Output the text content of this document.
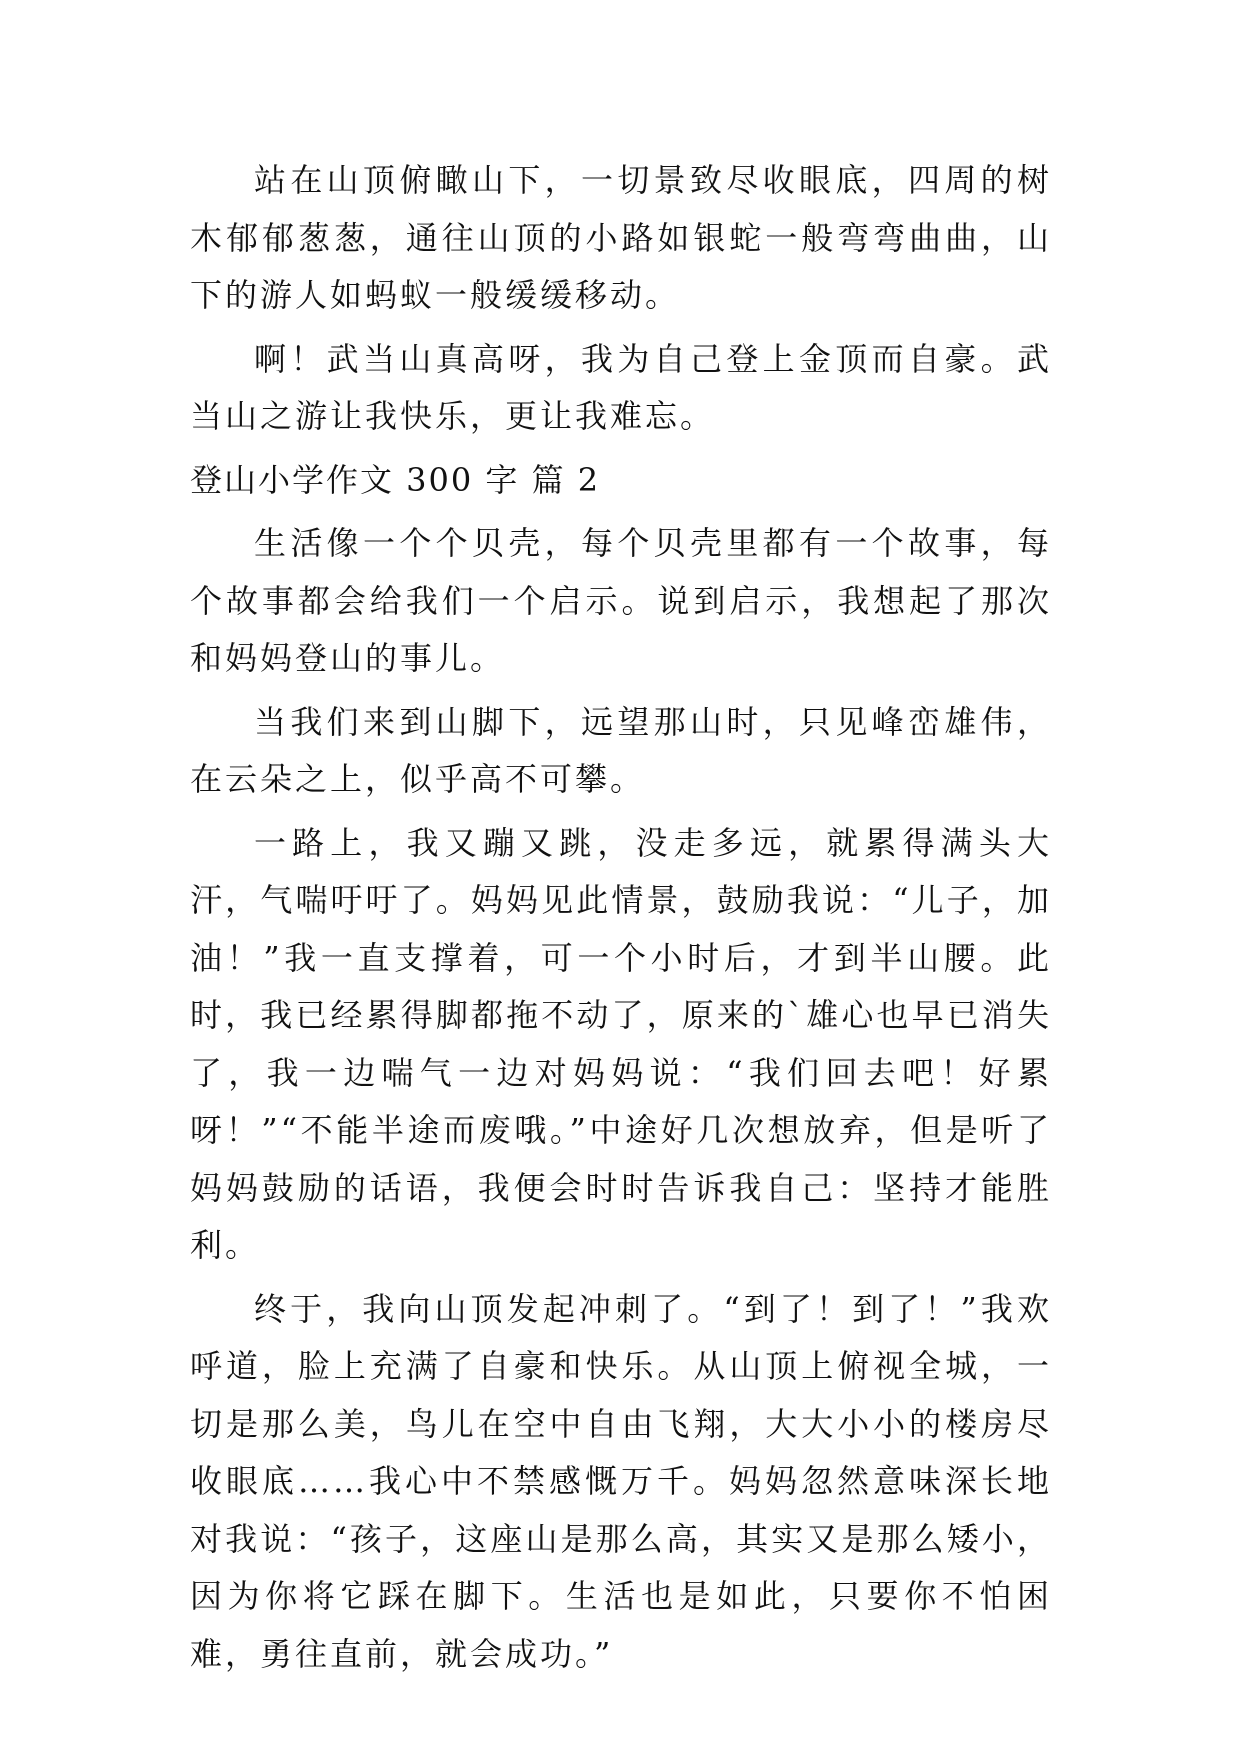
站在山顶俯瞰山下，一切景致尽收眼底，四周的树木郁郁葱葱，通往山顶的小路如银蛇一般弯弯曲曲，山下的游人如蚂蚁一般缓缓移动。

啊！武当山真高呀，我为自己登上金顶而自豪。武当山之游让我快乐，更让我难忘。

登山小学作文 300 字 篇 2

生活像一个个贝壳，每个贝壳里都有一个故事，每个故事都会给我们一个启示。说到启示，我想起了那次和妈妈登山的事儿。

当我们来到山脚下，远望那山时，只见峰峦雄伟，在云朵之上，似乎高不可攀。

一路上，我又蹦又跳，没走多远，就累得满头大汗，气喘吁吁了。妈妈见此情景，鼓励我说：“儿子，加油！”我一直支撑着，可一个小时后，才到半山腰。此时，我已经累得脚都拖不动了，原来的`雄心也早已消失了，我一边喘气一边对妈妈说：“我们回去吧！好累呀！”“不能半途而废哦。”中途好几次想放弃，但是听了妈妈鼓励的话语，我便会时时告诉我自己：坚持才能胜利。

终于，我向山顶发起冲刺了。“到了！到了！”我欢呼道，脸上充满了自豪和快乐。从山顶上俯视全城，一切是那么美，鸟儿在空中自由飞翔，大大小小的楼房尽收眼底……我心中不禁感慨万千。妈妈忽然意味深长地对我说：“孩子，这座山是那么高，其实又是那么矮小，因为你将它踩在脚下。生活也是如此，只要你不怕困难，勇往直前，就会成功。”
